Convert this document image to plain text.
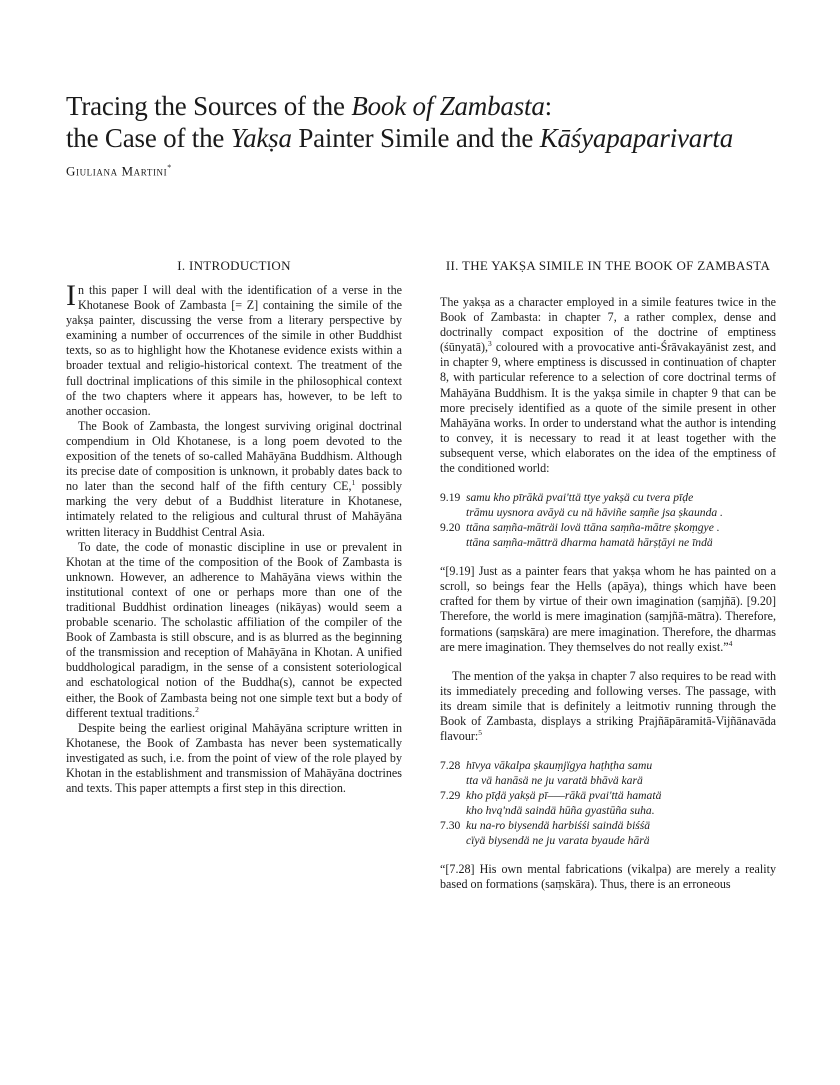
Tracing the Sources of the Book of Zambasta:
the Case of the Yakṣa Painter Simile and the Kāśyapaparivarta
Giuliana Martini*
I. INTRODUCTION

In this paper I will deal with the identification of a verse in the Khotanese Book of Zambasta [= Z] containing the simile of the yakṣa painter, discussing the verse from a literary perspective by examining a number of occurrences of the simile in other Buddhist texts, so as to highlight how the Khotanese evidence exists within a broader textual and religio-historical context. The treatment of the full doctrinal implications of this simile in the philosophical context of the two chapters where it appears has, however, to be left to another occasion.

The Book of Zambasta, the longest surviving original doctrinal compendium in Old Khotanese, is a long poem devoted to the exposition of the tenets of so-called Mahāyāna Buddhism. Although its precise date of composition is unknown, it probably dates back to no later than the second half of the fifth century CE,$^1$ possibly marking the very debut of a Buddhist literature in Khotanese, intimately related to the religious and cultural thrust of Mahāyāna written literacy in Buddhist Central Asia.

To date, the code of monastic discipline in use or prevalent in Khotan at the time of the composition of the Book of Zambasta is unknown. However, an adherence to Mahāyāna views within the institutional context of one or perhaps more than one of the traditional Buddhist ordination lineages (nikāyas) would seem a probable scenario. The scholastic affiliation of the compiler of the Book of Zambasta is still obscure, and is as blurred as the beginning of the transmission and reception of Mahāyāna in Khotan. A unified buddhological paradigm, in the sense of a consistent soteriological and eschatological notion of the Buddha(s), cannot be expected either, the Book of Zambasta being not one simple text but a body of different textual traditions.$^2$

Despite being the earliest original Mahāyāna scripture written in Khotanese, the Book of Zambasta has never been systematically investigated as such, i.e. from the point of view of the role played by Khotan in the establishment and transmission of Mahāyāna doctrines and texts. This paper attempts a first step in this direction.

II. THE YAKṢA SIMILE IN THE BOOK OF ZAMBASTA

The yakṣa as a character employed in a simile features twice in the Book of Zambasta: in chapter 7, a rather complex, dense and doctrinally compact exposition of the doctrine of emptiness (śūnyatā),$^3$ coloured with a provocative anti-Śrāvakayānist zest, and in chapter 9, where emptiness is discussed in continuation of chapter 8, with particular reference to a selection of core doctrinal terms of Mahāyāna Buddhism. It is the yakṣa simile in chapter 9 that can be more precisely identified as a quote of the simile present in other Mahāyāna works. In order to understand what the author is intending to convey, it is necessary to read it at least together with the subsequent verse, which elaborates on the idea of the emptiness of the conditioned world:

9.19 samu kho pīrākä pvai'ttä ttye yakṣä cu tvera pīḍe
trāmu uysnora avāyä cu nä hāviñe saṃñe jsa ṣkaunda .
9.20 ttāna saṃña-māträi lovä ttāna saṃña-mātre ṣkoṃgye .
ttāna saṃña-mātträ dharma hamatä hārṣṭāyi ne īndä

“[9.19] Just as a painter fears that yakṣa whom he has painted on a scroll, so beings fear the Hells (apāya), things which have been crafted for them by virtue of their own imagination (saṃjñā). [9.20] Therefore, the world is mere imagination (saṃjñā-mātra). Therefore, formations (saṃskāra) are mere imagination. Therefore, the dharmas are mere imagination. They themselves do not really exist.”$^4$

The mention of the yakṣa in chapter 7 also requires to be read with its immediately preceding and following verses. The passage, with its dream simile that is definitely a leitmotiv running through the Book of Zambasta, displays a striking Prajñāpāramitā-Vijñānavāda flavour:$^5$

7.28 hīvya vākalpa ṣkauṃjïgya haṭhṭha samu
tta vä hanāsä ne ju varatä bhāvä karä
7.29 kho pīḍä yakṣä pī–––rākä pvai'ttä hamatä
kho hvą'ndä saindä hūña gyastūña suha.
7.30 ku na-ro biysendä harbiśśi saindä biśśä
cïyä biysendä ne ju varata byaude hārä

“[7.28] His own mental fabrications (vikalpa) are merely a reality based on formations (saṃskāra). Thus, there is an erroneous
